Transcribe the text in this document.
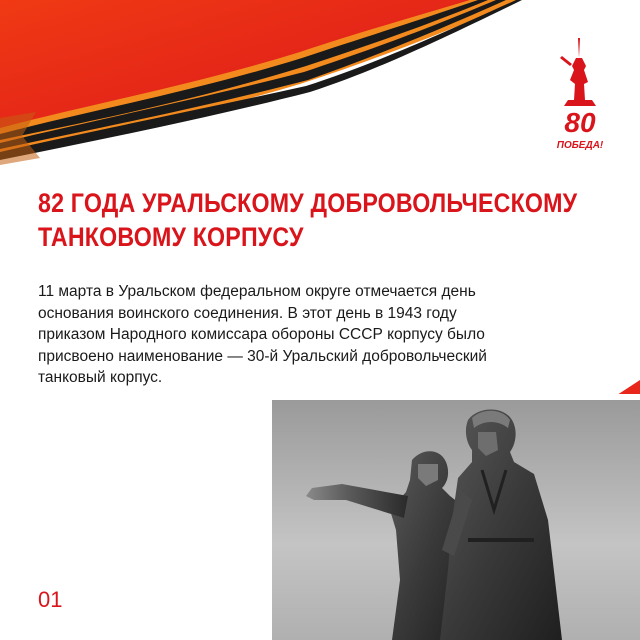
80
ПОБЕДА!
82 ГОДА УРАЛЬСКОМУ ДОБРОВОЛЬЧЕСКОМУ
ТАНКОВОМУ КОРПУСУ
11 марта в Уральском федеральном округе отмечается день
основания воинского соединения. В этот день в 1943 году
приказом Народного комиссара обороны СССР корпусу было
присвоено наименование — 30-й Уральский добровольческий
танковый корпус.
01
